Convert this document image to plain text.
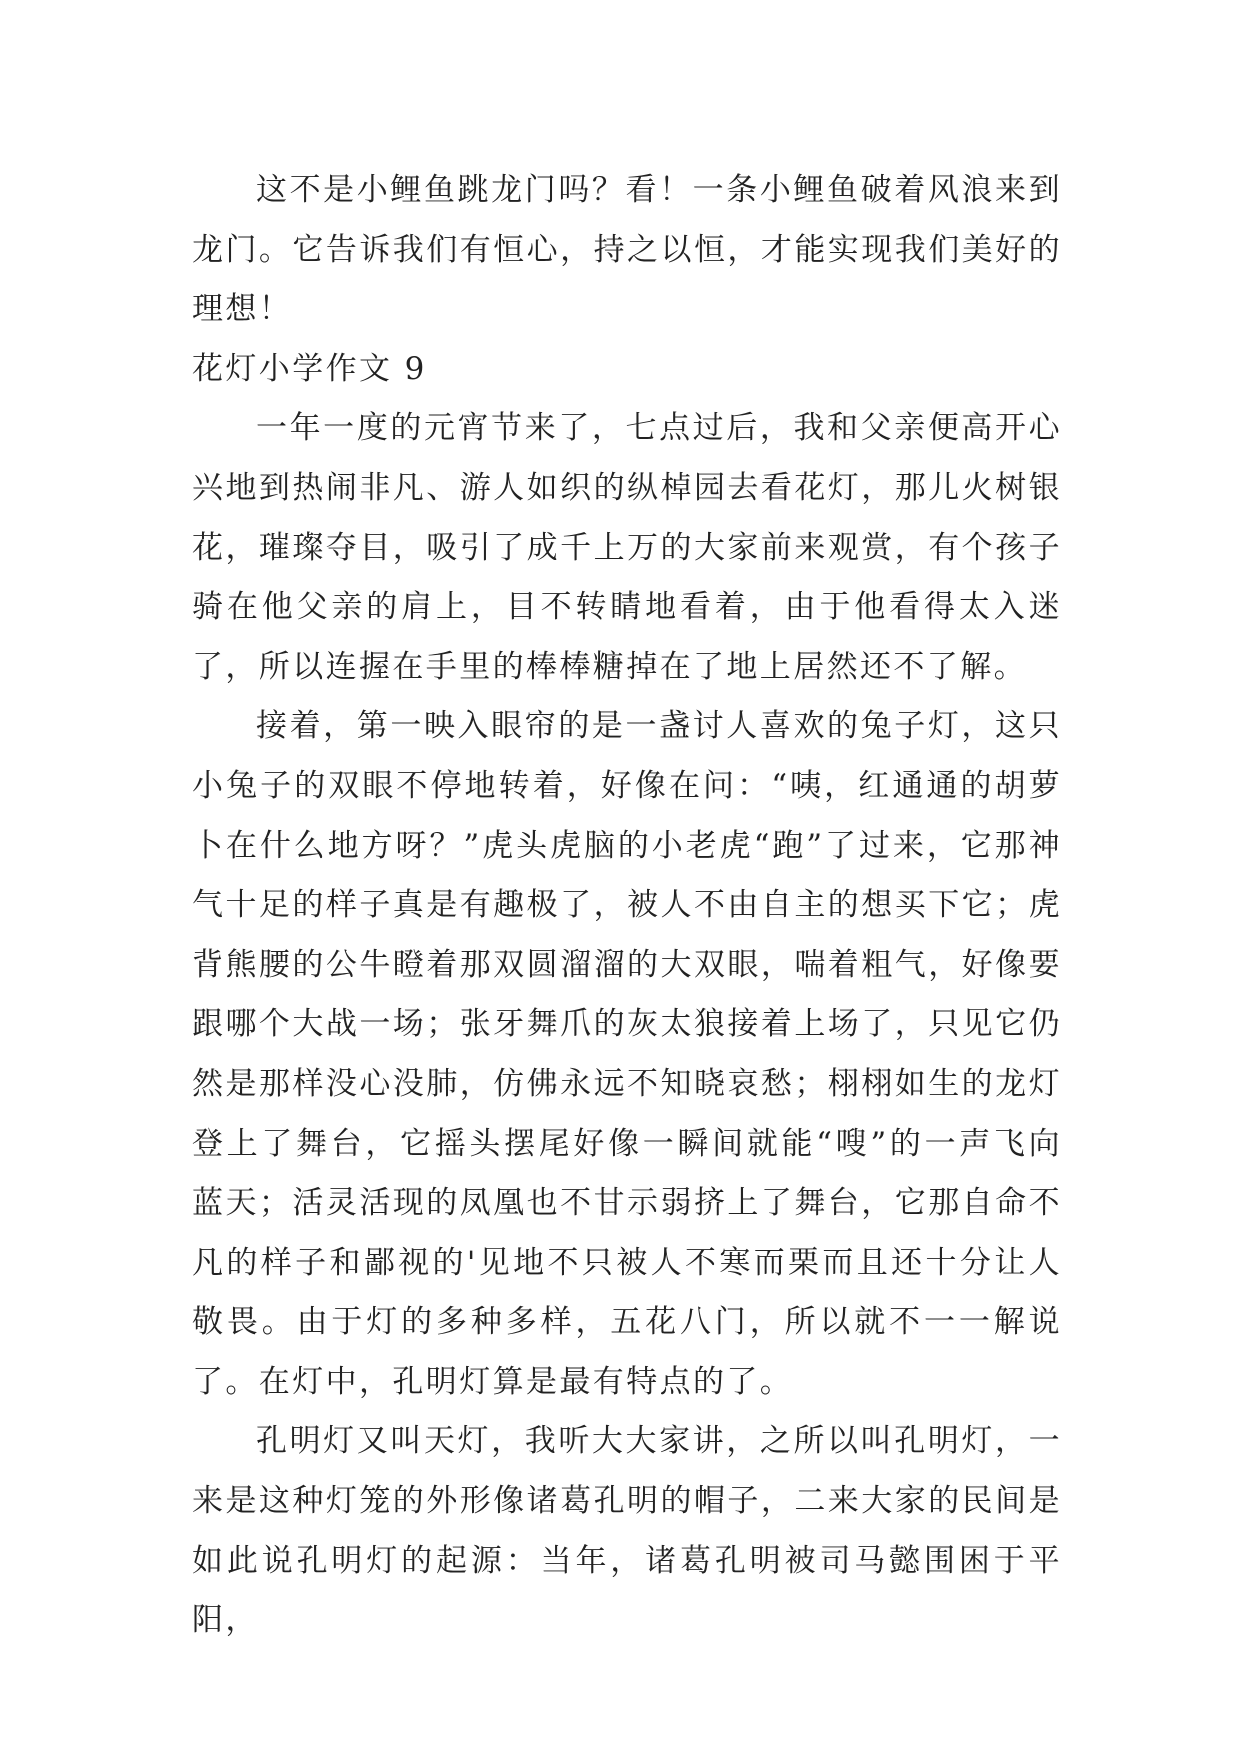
这不是小鲤鱼跳龙门吗？看！一条小鲤鱼破着风浪来到龙门。它告诉我们有恒心，持之以恒，才能实现我们美好的理想！

花灯小学作文 9

一年一度的元宵节来了，七点过后，我和父亲便高开心兴地到热闹非凡、游人如织的纵棹园去看花灯，那儿火树银花，璀璨夺目，吸引了成千上万的大家前来观赏，有个孩子骑在他父亲的肩上，目不转睛地看着，由于他看得太入迷了，所以连握在手里的棒棒糖掉在了地上居然还不了解。

接着，第一映入眼帘的是一盏讨人喜欢的兔子灯，这只小兔子的双眼不停地转着，好像在问：“咦，红通通的胡萝卜在什么地方呀？”虎头虎脑的小老虎“跑”了过来，它那神气十足的样子真是有趣极了，被人不由自主的想买下它；虎背熊腰的公牛瞪着那双圆溜溜的大双眼，喘着粗气，好像要跟哪个大战一场；张牙舞爪的灰太狼接着上场了，只见它仍然是那样没心没肺，仿佛永远不知晓哀愁；栩栩如生的龙灯登上了舞台，它摇头摆尾好像一瞬间就能“嗖”的一声飞向蓝天；活灵活现的凤凰也不甘示弱挤上了舞台，它那自命不凡的样子和鄙视的'见地不只被人不寒而栗而且还十分让人敬畏。由于灯的多种多样，五花八门，所以就不一一解说了。在灯中，孔明灯算是最有特点的了。

孔明灯又叫天灯，我听大大家讲，之所以叫孔明灯，一来是这种灯笼的外形像诸葛孔明的帽子，二来大家的民间是如此说孔明灯的起源：当年，诸葛孔明被司马懿围困于平阳，
